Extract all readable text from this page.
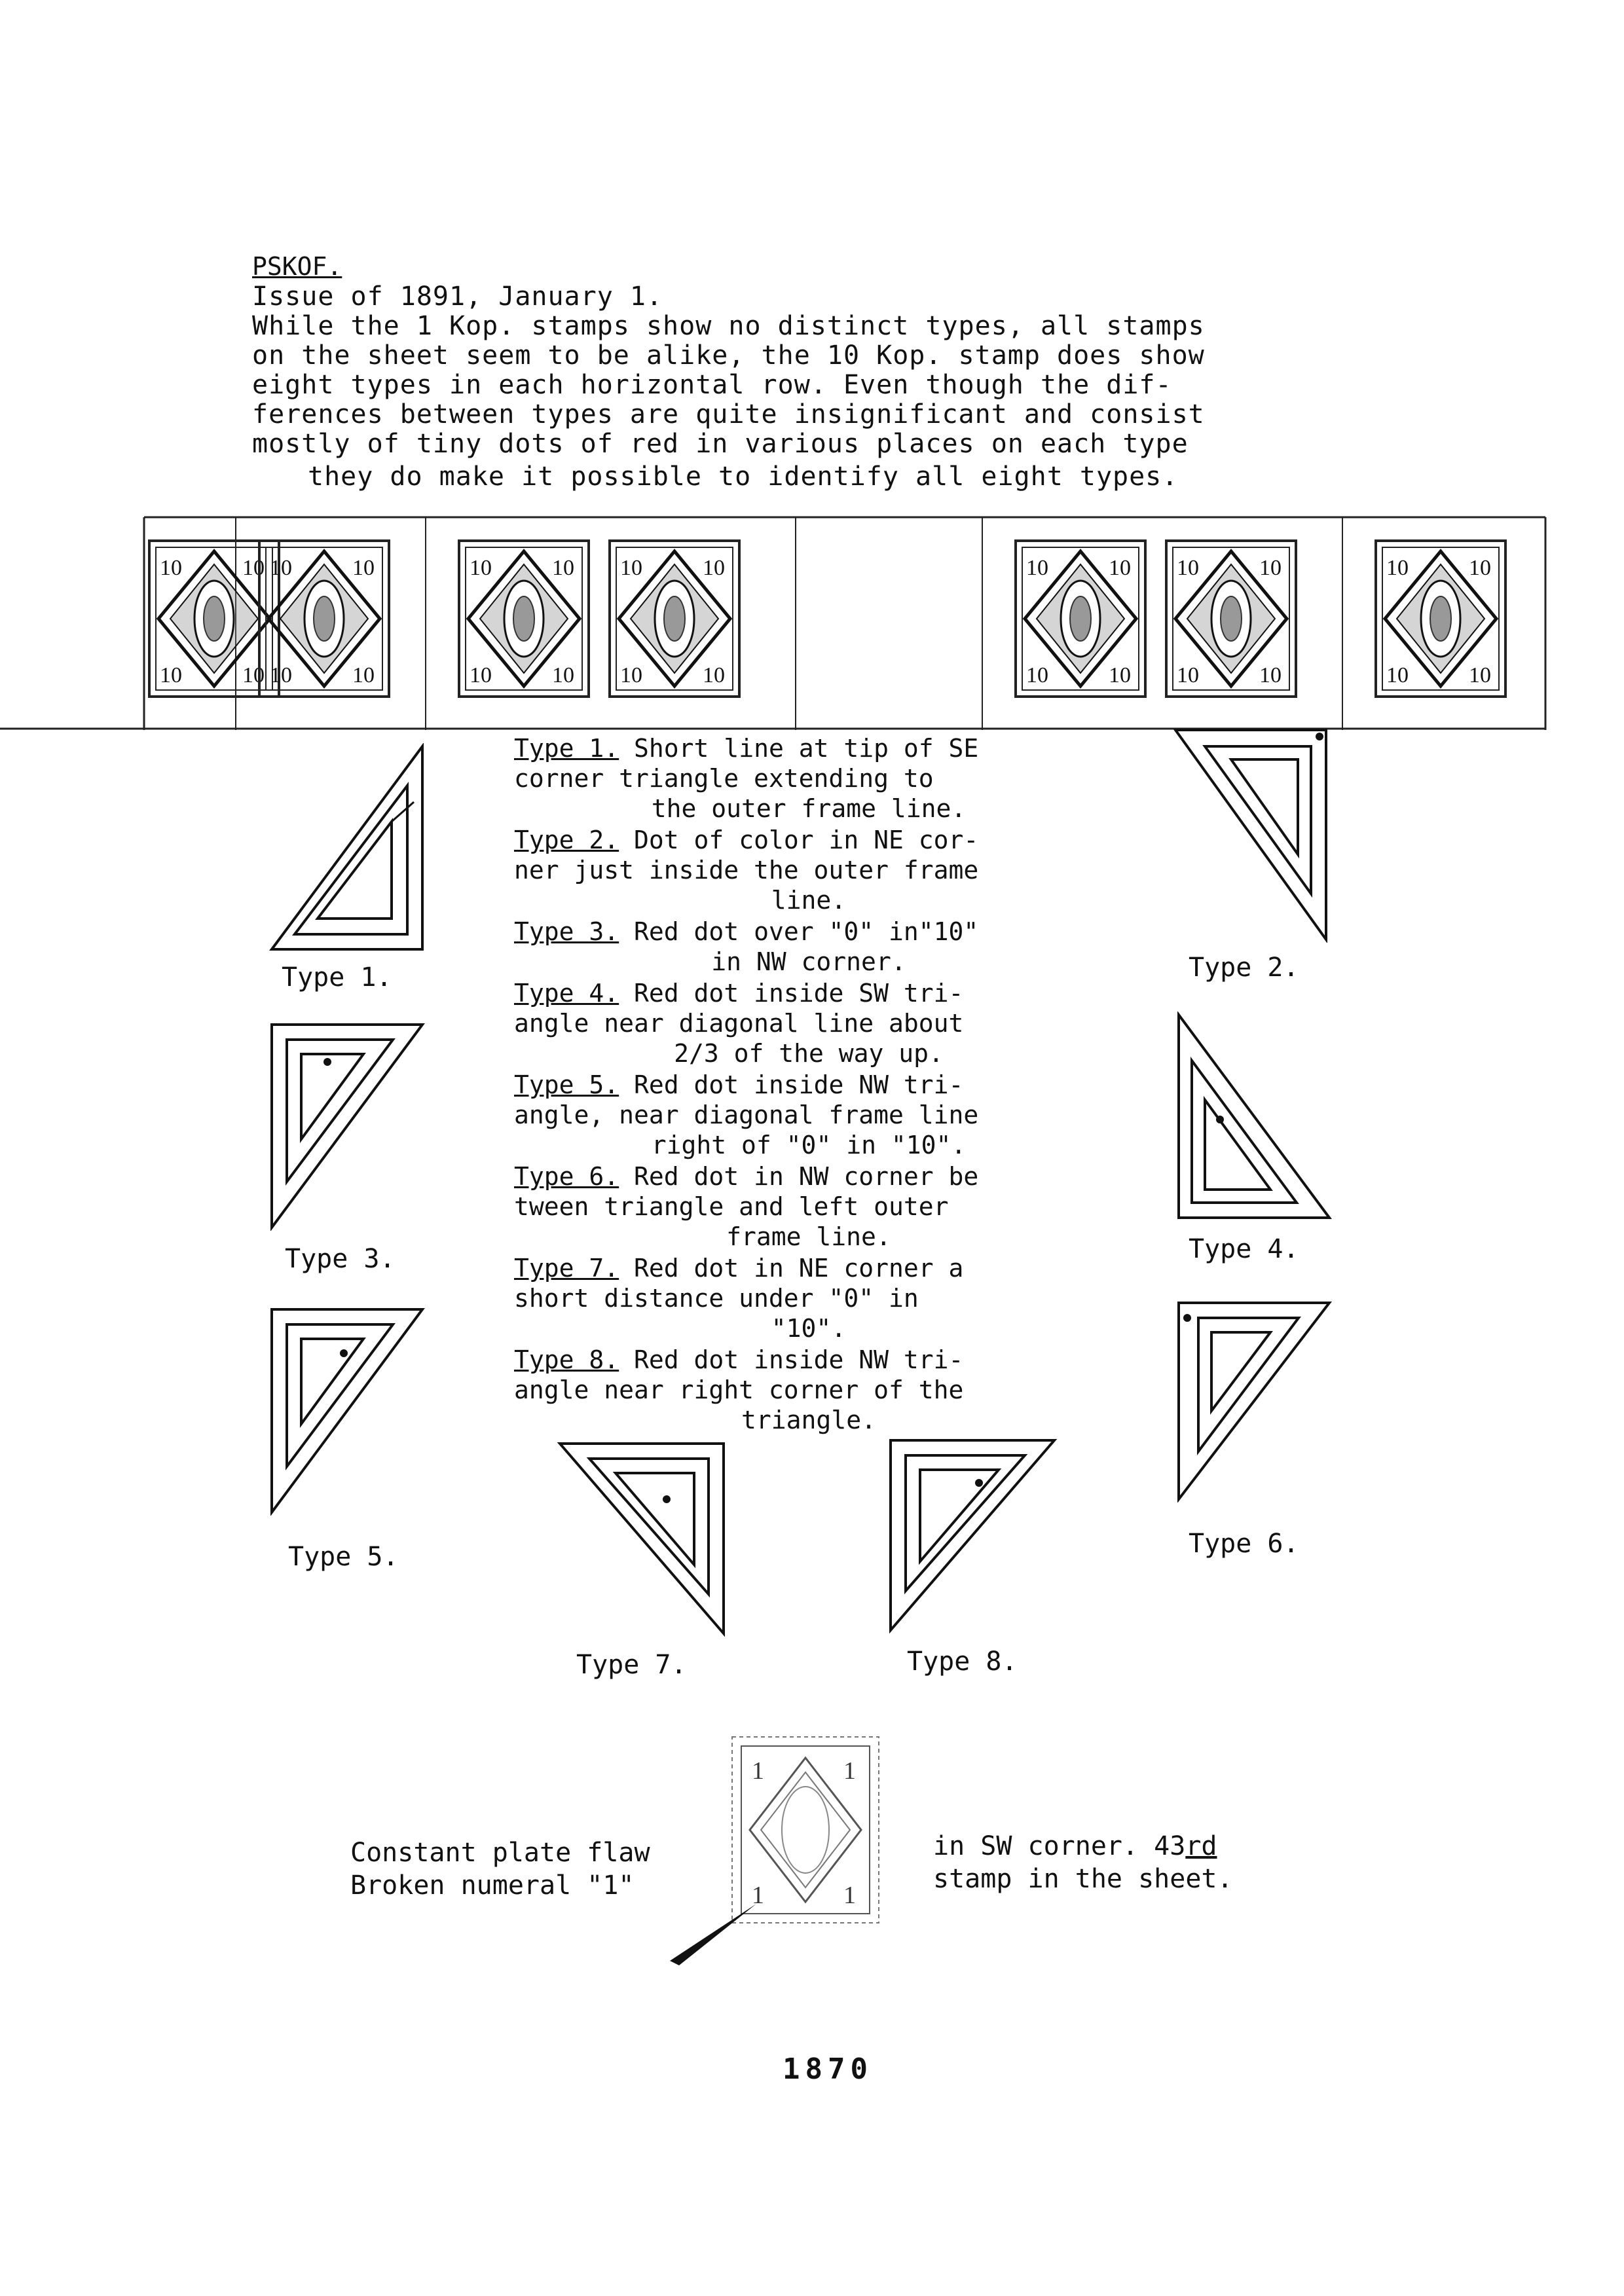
PSKOF.
Issue of 1891, January 1.
While the 1 Kop. stamps show no distinct types, all stamps
on the sheet seem to be alike, the 10 Kop. stamp does show
eight types in each horizontal row. Even though the dif-
ferences between types are quite insignificant and consist
mostly of tiny dots of red in various places on each type
they do make it possible to identify all eight types.
10	10
10	10
10	10
10	10
10	10
10	10
10	10
10	10
10	10
10	10
10	10
10	10
10	10
10	10
Type 1. Short line at tip of SE
corner triangle extending to
the outer frame line.
Type 2. Dot of color in NE cor-
ner just inside the outer frame
line.
Type 3. Red dot over "0" in"10"
in NW corner.
Type 4. Red dot inside SW tri-
angle near diagonal line about
2/3 of the way up.
Type 5. Red dot inside NW tri-
angle, near diagonal frame line
right of "0" in "10".
Type 6. Red dot in NW corner be
tween triangle and left outer
frame line.
Type 7. Red dot in NE corner a
short distance under "0" in
"10".
Type 8. Red dot inside NW tri-
angle near right corner of the
triangle.
Type 1.	Type 2.
Type 3.	Type 4.
Type 5.	Type 6.
Type 7.	Type 8.
Constant plate flaw
Broken numeral "1"
1	1
1	1
in SW corner. 43rd
stamp in the sheet.
1870
